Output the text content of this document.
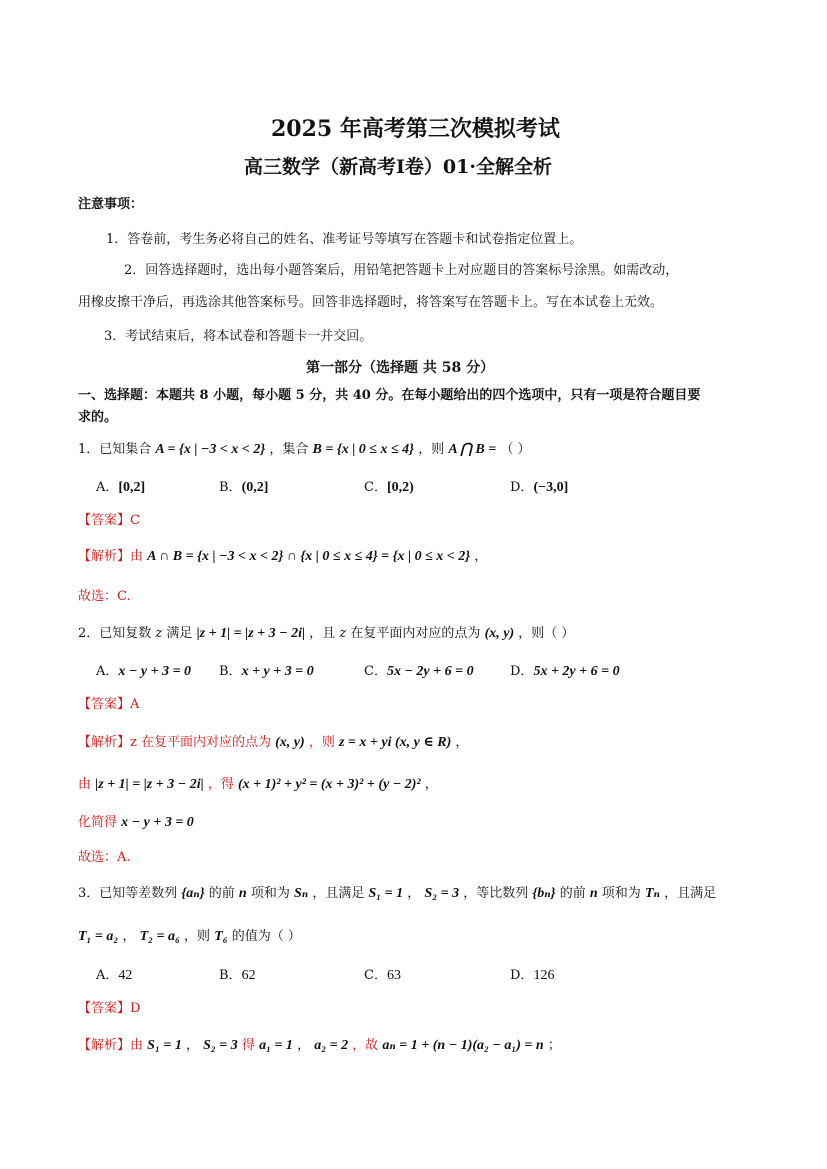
2025 年高考第三次模拟考试
高三数学（新高考Ⅰ卷）01·全解全析
注意事项：
1．答卷前，考生务必将自己的姓名、准考证号等填写在答题卡和试卷指定位置上。
2．回答选择题时，选出每小题答案后，用铅笔把答题卡上对应题目的答案标号涂黑。如需改动，
用橡皮擦干净后，再选涂其他答案标号。回答非选择题时，将答案写在答题卡上。写在本试卷上无效。
3．考试结束后，将本试卷和答题卡一并交回。
第一部分（选择题 共 58 分）
一、选择题：本题共 8 小题，每小题 5 分，共 40 分。在每小题给出的四个选项中，只有一项是符合题目要
求的。
1．已知集合 A = {x | −3 < x < 2} ，集合 B = {x | 0 ≤ x ≤ 4} ，则 A ⋂ B = （ ）
A．[0,2]	B．(0,2]	C．[0,2)	D．(−3,0]
【答案】C
【解析】由 A ∩ B = {x | −3 < x < 2} ∩ {x | 0 ≤ x ≤ 4} = {x | 0 ≤ x < 2} ，
故选：C.
2．已知复数 z 满足 |z + 1| = |z + 3 − 2i| ，且 z 在复平面内对应的点为 (x, y) ，则（ ）
A．x − y + 3 = 0 B．x + y + 3 = 0	C．5x − 2y + 6 = 0	D．5x + 2y + 6 = 0
【答案】A
【解析】z 在复平面内对应的点为 (x, y) ，则 z = x + yi (x, y ∈ R) ，
由 |z + 1| = |z + 3 − 2i| ，得 (x + 1)² + y² = (x + 3)² + (y − 2)² ，
化简得 x − y + 3 = 0
故选：A.
3．已知等差数列 {aₙ} 的前 n 项和为 Sₙ ，且满足 S₁ = 1 ， S₂ = 3 ，等比数列 {bₙ} 的前 n 项和为 Tₙ ，且满足
T₁ = a₂ ， T₂ = a₆ ，则 T₆ 的值为（ ）
A．42	B．62	C．63	D．126
【答案】D
【解析】由 S₁ = 1 ， S₂ = 3 得 a₁ = 1 ， a₂ = 2 ，故 aₙ = 1 + (n − 1)(a₂ − a₁) = n ；
